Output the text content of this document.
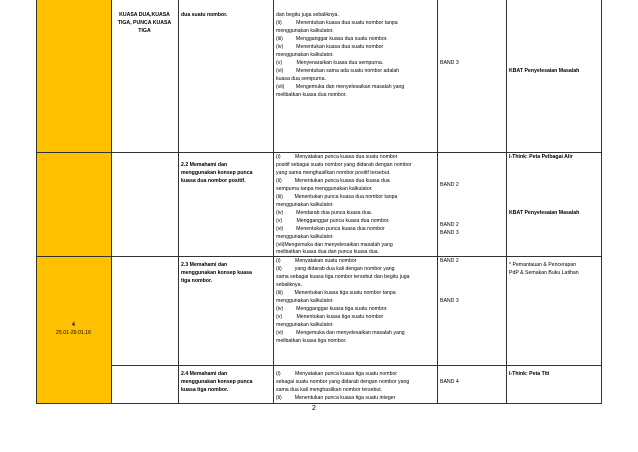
4
25.01-29.01.16
KUASA DUA,KUASA
TIGA, PUNCA KUASA
TIGA
dua suatu nombor.	dan begitu juga sebaliknya.
(ii)          Menentukan kuasa dua suatu nombor tanpa
menggunakan kalkulator.
(iii)         Mengganggar kuasa dua suatu nombor.
(iv)         Menentukan kuasa dua suatu nombor
menggunakan kalkulator.
(v)          Menyenaraikan kuasa dua sempurna.
(vi)         Menentukan sama ada suatu nombor adalah
kuasa dua sempurna.
(vii)        Mengemuka dan menyelesaikan masalah yang
melibatkan kuasa dua nombor.
BAND 3
KBAT Penyelesaian Masalah
2.2 Memahami dan
menggunakan konsep punca
kuasa dua nombor positif.
(i)          Menyatakan punca kuasa dua suatu nombor
positif sebagai suatu nombor yang didarab dengan nombor
yang sama menghasilkan nombor positif tersebut.
(ii)         Menentukan punca kuasa dua kuasa dua
sempurna tanpa menggunakan kalkulator.
(iii)        Menentukan punca kuasa dua nombor tanpa
menggunakan kalkulator.
(iv)         Mendarab dua punca kuasa dua.
(v)          Mengganggar punca kuasa dua nombor.
(vi)         Menentukan punca kuasa dua nombor
menggunakan kalkulator.
(vii)Mengemuka dan menyelesaikan masalah yang
melibatkan kuasa dua dan punca kuasa dua.
BAND 2
BAND 2
BAND 3
I-Think: Peta Pelbagai Alir
KBAT Penyelesaian Masalah
2.3 Memahami dan
menggunakan konsep kuasa
tiga nombor.
(i)          Menyatakan suatu nombor
(ii)         yang didarab dua kali dengan nombor yang
sama sebagai kuasa tiga nombor tersebut dan begitu juga
sebaliknya.
(iii)        Menentukan kuasa tiga suatu nombor tanpa
menggunakan kalkulator.
(iv)         Mengganggar kuasa tiga suatu nombor.
(v)          Menentukan kuasa tiga suatu nombor
menggunakan kalkulator.
(vi)         Mengemuka dan menyelesaikan masalah yang
melibatkan kuasa tiga nombor.
BAND 2
BAND 3
* Pemantauan & Pencerapan
PdP & Semakan Buku Latihan
2.4 Memahami dan
menggunakan konsep punca
kuasa tiga nombor.
(i)          Menyatakan punca kuasa tiga suatu nombor
sebagai suatu nombor yang didarab dengan nombor yang
sama dua kali menghasilkan nombor tersebut.
(ii)         Menentukan punca kuasa tiga suatu integer
BAND 4
I-Think: Peta Titi
2
